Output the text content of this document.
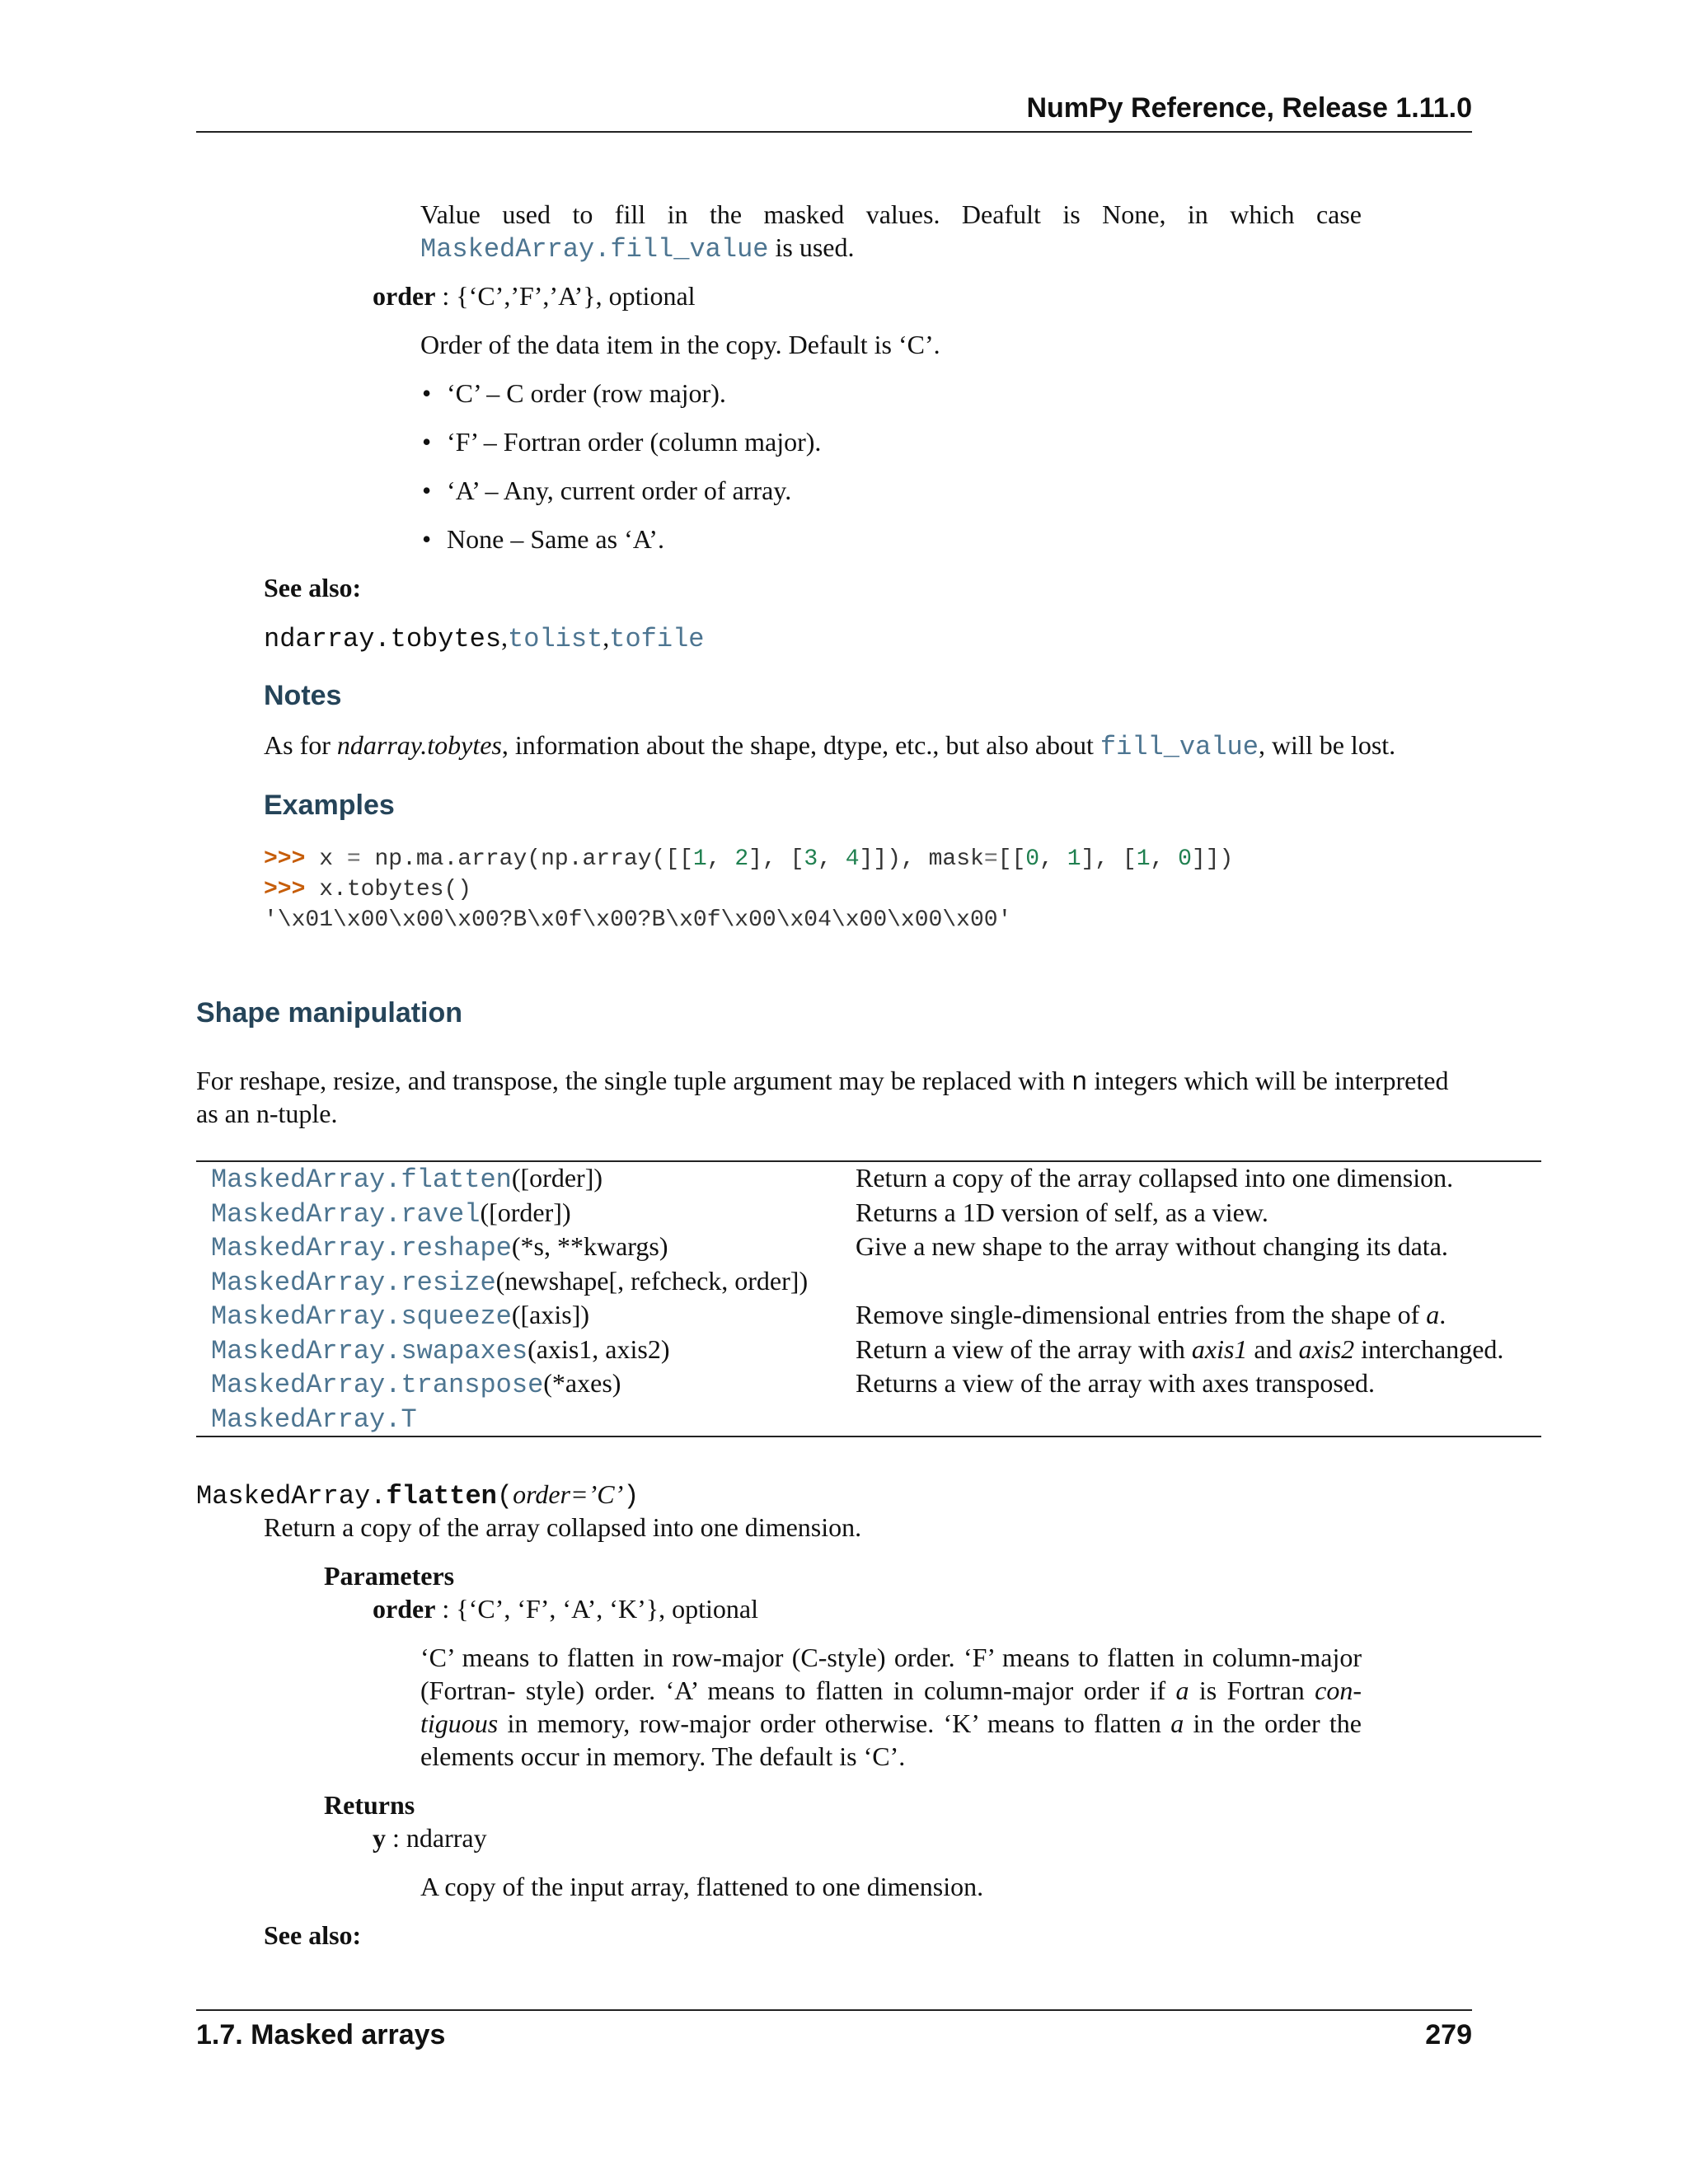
NumPy Reference, Release 1.11.0
Value used to fill in the masked values. Deafult is None, in which case
MaskedArray.fill_value is used.
order : {‘C’,’F’,’A’}, optional
Order of the data item in the copy. Default is ‘C’.
• ‘C’ – C order (row major).
• ‘F’ – Fortran order (column major).
• ‘A’ – Any, current order of array.
• None – Same as ‘A’.
See also:
ndarray.tobytes,tolist,tofile
Notes
As for ndarray.tobytes, information about the shape, dtype, etc., but also about fill_value, will be lost.
Examples
>>> x = np.ma.array(np.array([[1, 2], [3, 4]]), mask=[[0, 1], [1, 0]])
>>> x.tobytes()
'\x01\x00\x00\x00?B\x0f\x00?B\x0f\x00\x04\x00\x00\x00'
Shape manipulation
For reshape, resize, and transpose, the single tuple argument may be replaced with n integers which will be interpreted
as an n-tuple.
MaskedArray.flatten([order])	Return a copy of the array collapsed into one dimension.
MaskedArray.ravel([order])	Returns a 1D version of self, as a view.
MaskedArray.reshape(*s, **kwargs)	Give a new shape to the array without changing its data.
MaskedArray.resize(newshape[, refcheck, order])	
MaskedArray.squeeze([axis])	Remove single-dimensional entries from the shape of a.
MaskedArray.swapaxes(axis1, axis2)	Return a view of the array with axis1 and axis2 interchanged.
MaskedArray.transpose(*axes)	Returns a view of the array with axes transposed.
MaskedArray.T	
MaskedArray.flatten(order=’C’)
Return a copy of the array collapsed into one dimension.
Parameters
order : {‘C’, ‘F’, ‘A’, ‘K’}, optional
‘C’ means to flatten in row-major (C-style) order. ‘F’ means to flatten in column-major
(Fortran- style) order. ‘A’ means to flatten in column-major order if a is Fortran con-
tiguous in memory, row-major order otherwise. ‘K’ means to flatten a in the order the
elements occur in memory. The default is ‘C’.
Returns
y : ndarray
A copy of the input array, flattened to one dimension.
See also:
1.7. Masked arrays	279
